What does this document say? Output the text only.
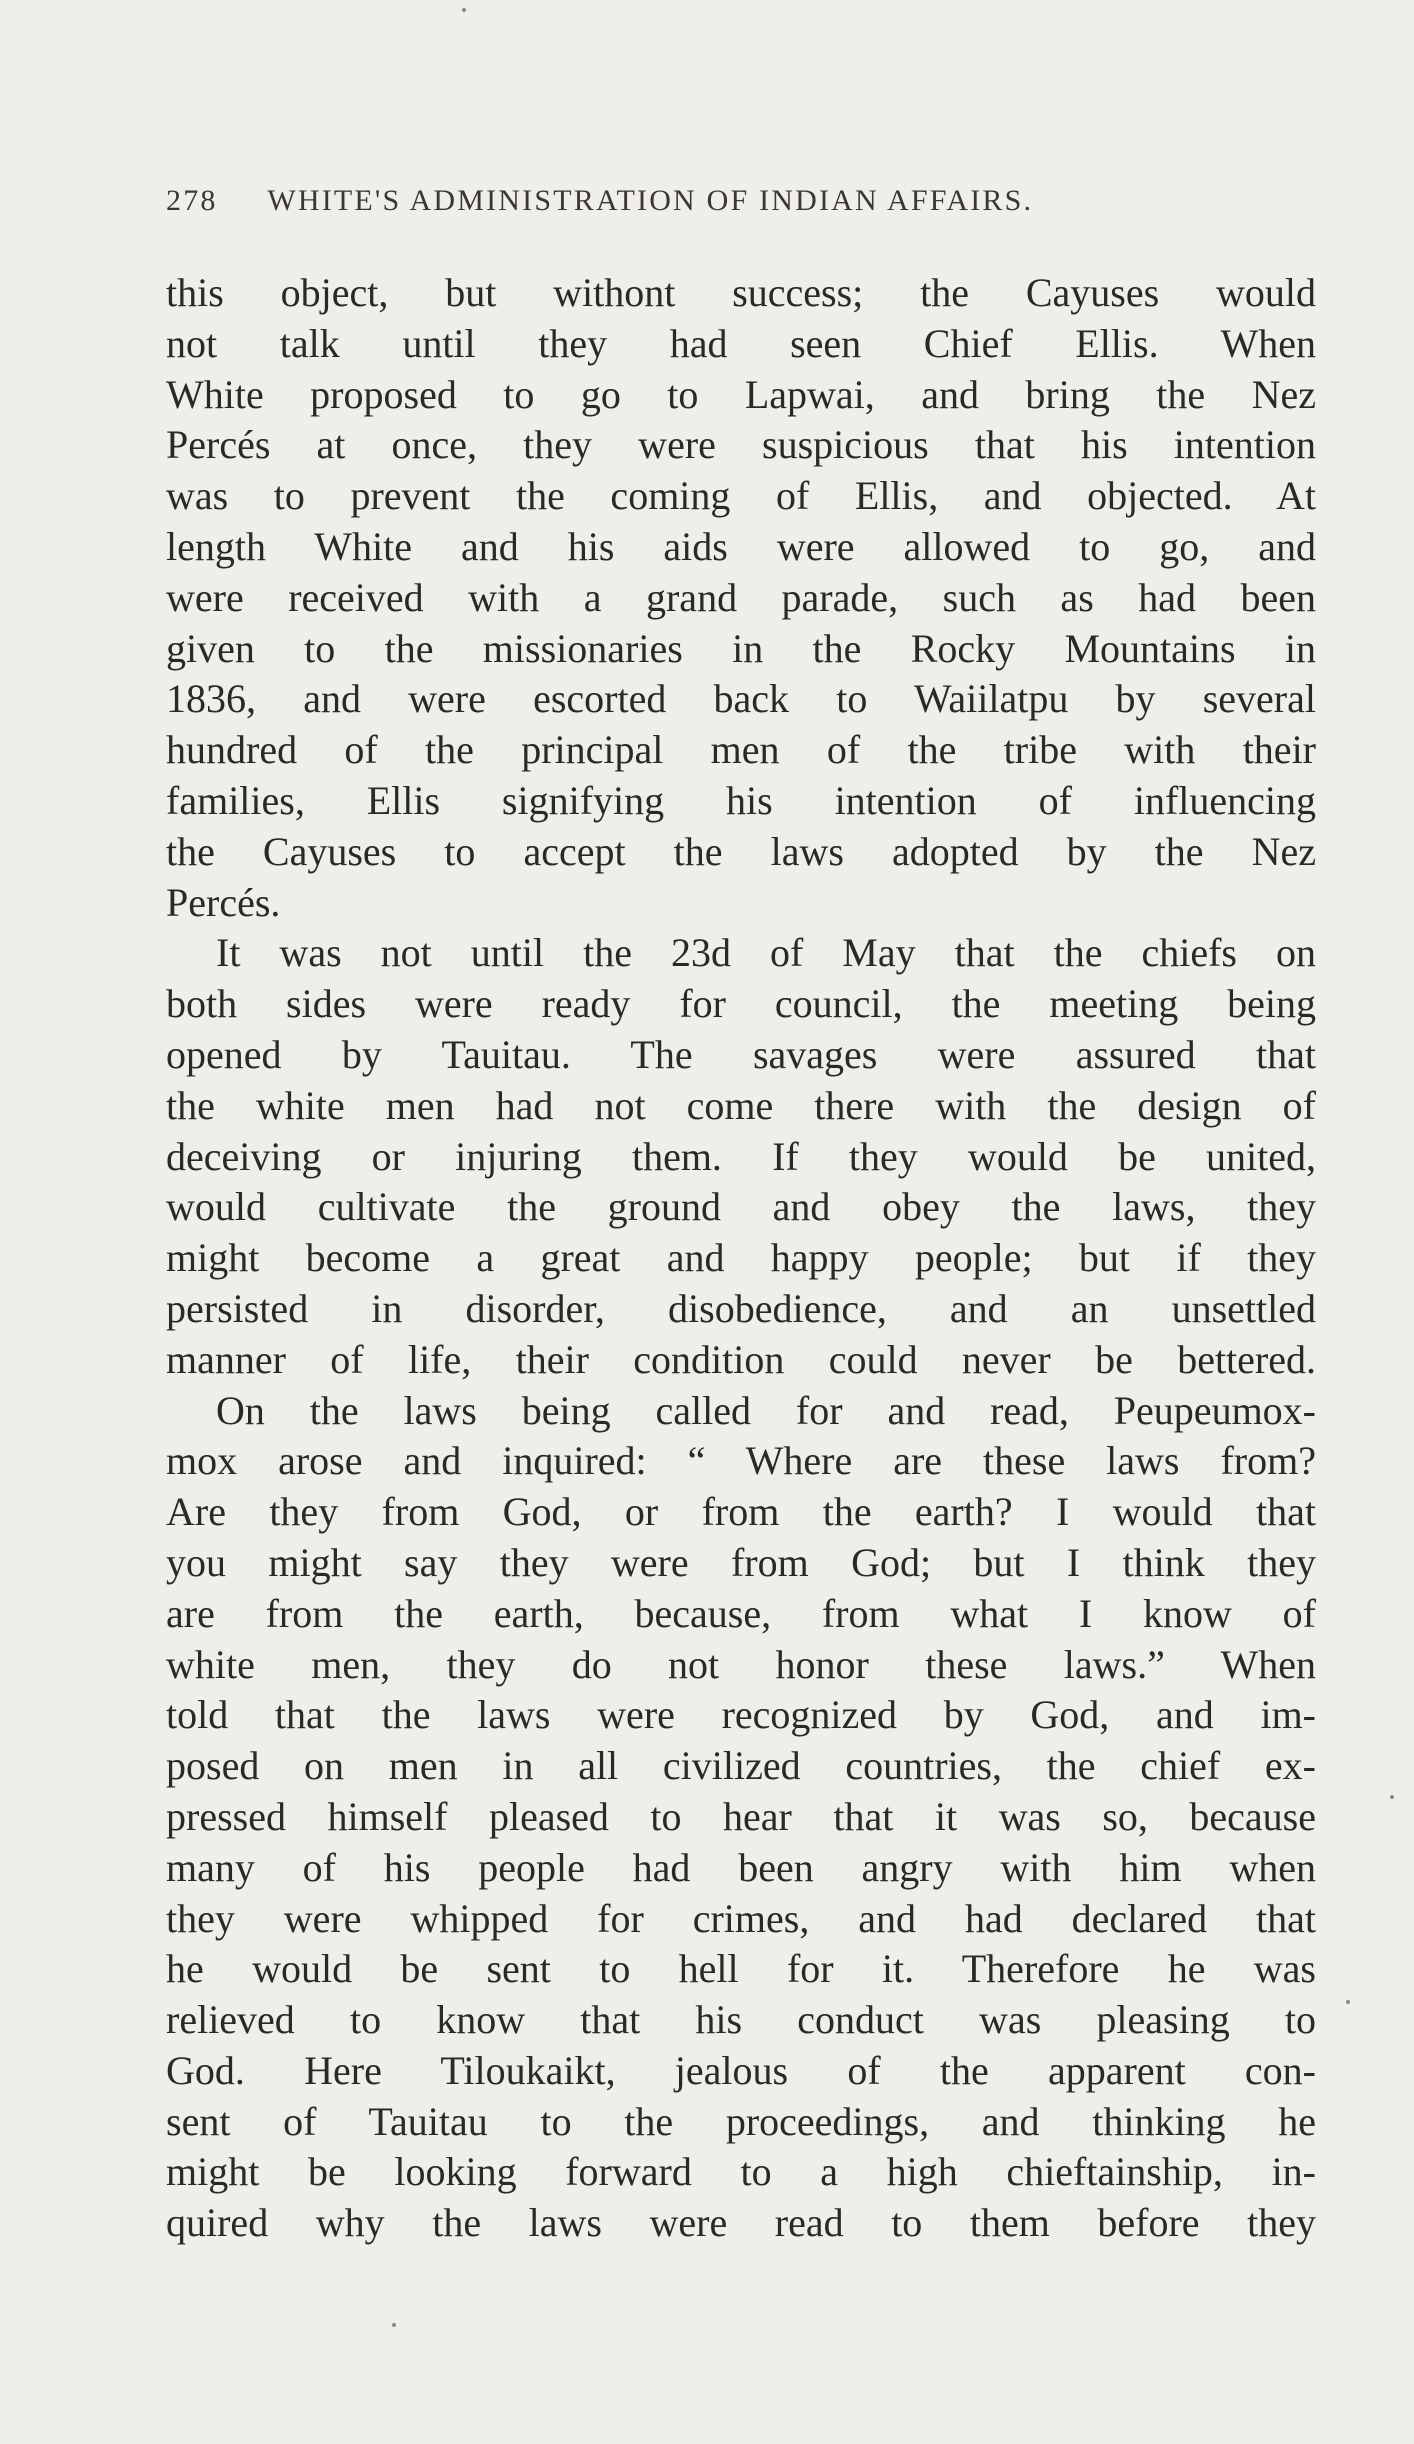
278 WHITE'S ADMINISTRATION OF INDIAN AFFAIRS.
this object, but withont success; the Cayuses would
not talk until they had seen Chief Ellis. When
White proposed to go to Lapwai, and bring the Nez
Percés at once, they were suspicious that his intention
was to prevent the coming of Ellis, and objected. At
length White and his aids were allowed to go, and
were received with a grand parade, such as had been
given to the missionaries in the Rocky Mountains in
1836, and were escorted back to Waiilatpu by several
hundred of the principal men of the tribe with their
families, Ellis signifying his intention of influencing
the Cayuses to accept the laws adopted by the Nez
Percés.
It was not until the 23d of May that the chiefs on
both sides were ready for council, the meeting being
opened by Tauitau. The savages were assured that
the white men had not come there with the design of
deceiving or injuring them. If they would be united,
would cultivate the ground and obey the laws, they
might become a great and happy people; but if they
persisted in disorder, disobedience, and an unsettled
manner of life, their condition could never be bettered.
On the laws being called for and read, Peupeumox-
mox arose and inquired: “ Where are these laws from?
Are they from God, or from the earth? I would that
you might say they were from God; but I think they
are from the earth, because, from what I know of
white men, they do not honor these laws.” When
told that the laws were recognized by God, and im-
posed on men in all civilized countries, the chief ex-
pressed himself pleased to hear that it was so, because
many of his people had been angry with him when
they were whipped for crimes, and had declared that
he would be sent to hell for it. Therefore he was
relieved to know that his conduct was pleasing to
God. Here Tiloukaikt, jealous of the apparent con-
sent of Tauitau to the proceedings, and thinking he
might be looking forward to a high chieftainship, in-
quired why the laws were read to them before they
